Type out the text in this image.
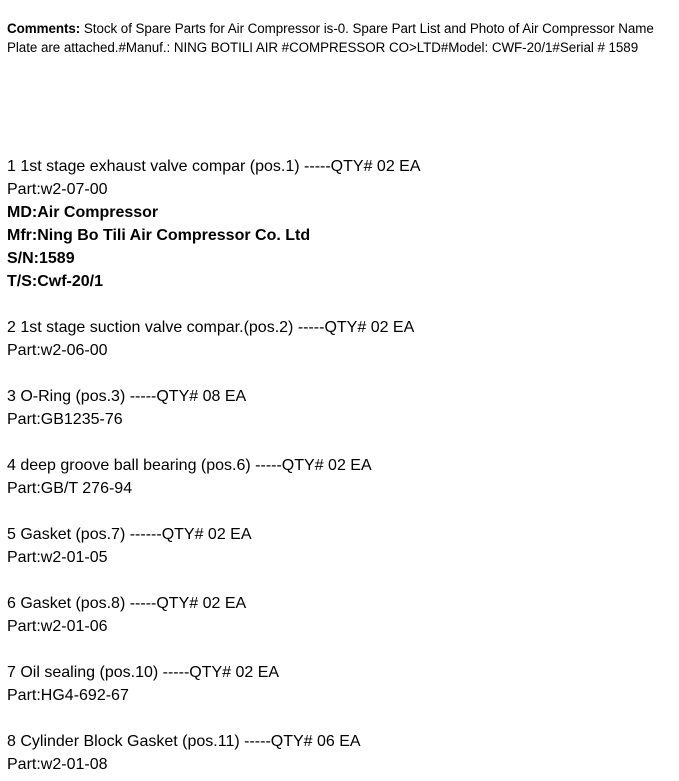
Comments: Stock of Spare Parts for Air Compressor is-0. Spare Part List and Photo of Air Compressor Name Plate are attached.#Manuf.: NING BOTILI AIR #COMPRESSOR CO>LTD#Model: CWF-20/1#Serial # 1589
1 1st stage exhaust valve compar (pos.1) -----QTY# 02 EA
Part:w2-07-00
MD:Air Compressor
Mfr:Ning Bo Tili Air Compressor Co. Ltd
S/N:1589
T/S:Cwf-20/1
2 1st stage suction valve compar.(pos.2) -----QTY# 02 EA
Part:w2-06-00
3 O-Ring (pos.3) -----QTY# 08 EA
Part:GB1235-76
4 deep groove ball bearing (pos.6) -----QTY# 02 EA
Part:GB/T 276-94
5 Gasket (pos.7) ------QTY# 02 EA
Part:w2-01-05
6 Gasket (pos.8) -----QTY# 02 EA
Part:w2-01-06
7 Oil sealing (pos.10) -----QTY# 02 EA
Part:HG4-692-67
8 Cylinder Block Gasket (pos.11) -----QTY# 06 EA
Part:w2-01-08
